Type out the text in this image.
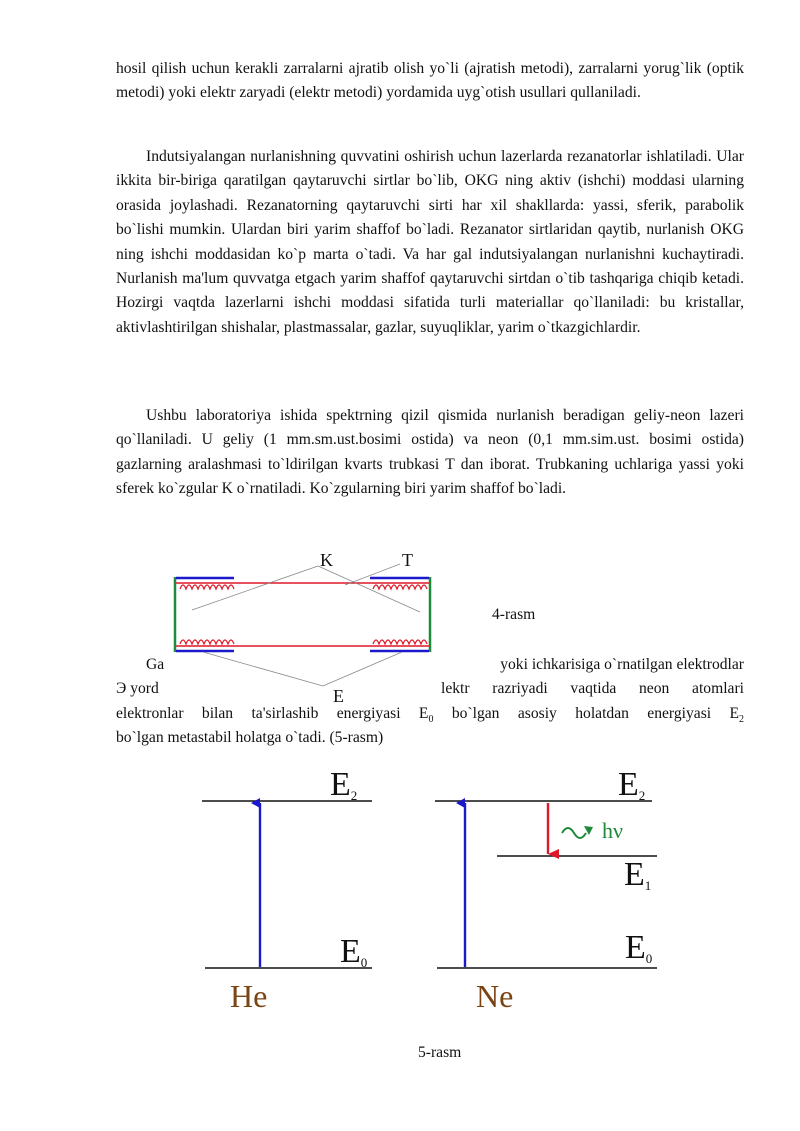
hosil qilish uchun kerakli zarralarni ajratib olish yo`li (ajratish metodi), zarralarni yorug`lik (optik metodi) yoki elektr zaryadi (elektr metodi) yordamida uyg`otish usullari qullaniladi.

Indutsiyalangan nurlanishning quvvatini oshirish uchun lazerlarda rezanatorlar ishlatiladi. Ular ikkita bir-biriga qaratilgan qaytaruvchi sirtlar bo`lib, OKG ning aktiv (ishchi) moddasi ularning orasida joylashadi. Rezanatorning qaytaruvchi sirti har xil shakllarda: yassi, sferik, parabolik bo`lishi mumkin. Ulardan biri yarim shaffof bo`ladi. Rezanator sirtlaridan qaytib, nurlanish OKG ning ishchi moddasidan ko`p marta o`tadi. Va har gal indutsiyalangan nurlanishni kuchaytiradi. Nurlanish ma'lum quvvatga etgach yarim shaffof qaytaruvchi sirtdan o`tib tashqariga chiqib ketadi. Hozirgi vaqtda lazerlarni ishchi moddasi sifatida turli materiallar qo`llaniladi: bu kristallar, aktivlashtirilgan shishalar, plastmassalar, gazlar, suyuqliklar, yarim o`tkazgichlardir.

Ushbu laboratoriya ishida spektrning qizil qismida nurlanish beradigan geliy-neon lazeri qo`llaniladi. U geliy (1 mm.sm.ust.bosimi ostida) va neon (0,1 mm.sim.ust. bosimi ostida) gazlarning aralashmasi to`ldirilgan kvarts trubkasi T dan iborat. Trubkaning uchlariga yassi yoki sferek ko`zgular K o`rnatiladi. Ko`zgularning biri yarim shaffof bo`ladi.

Ga	yoki ichkarisiga o`rnatilgan elektrodlar
Э yord	lektr razriyadi vaqtida neon atomlari
elektronlar bilan ta'sirlashib energiyasi $E_0$ bo`lgan asosiy holatdan energiyasi $E_2$
bo`lgan metastabil holatga o`tadi. (5-rasm)
K	T
E
4-rasm
E2
E0
He
hν
E2
E1
E0
Ne
5-rasm
